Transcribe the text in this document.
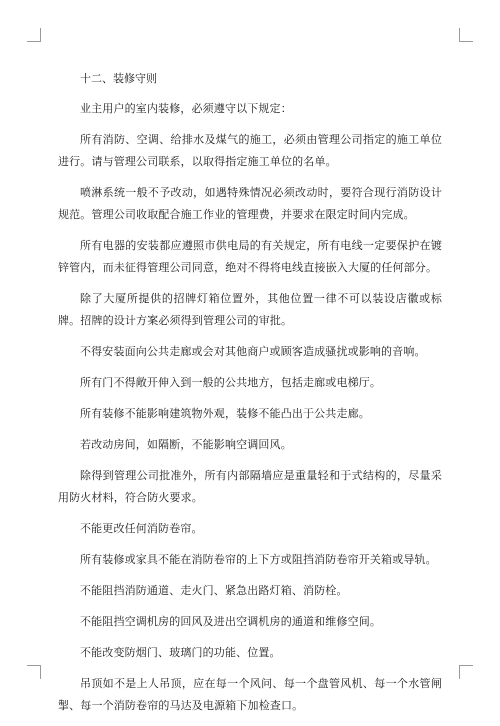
十二、装修守则

业主用户的室内装修，必须遵守以下规定：

所有消防、空调、给排水及煤气的施工，必须由管理公司指定的施工单位进行。请与管理公司联系，以取得指定施工单位的名单。

喷淋系统一般不予改动，如遇特殊情况必须改动时，要符合现行消防设计规范。管理公司收取配合施工作业的管理费，并要求在限定时间内完成。

所有电器的安装都应遵照市供电局的有关规定，所有电线一定要保护在镀锌管内，而未征得管理公司同意，绝对不得将电线直接嵌入大厦的任何部分。

除了大厦所提供的招牌灯箱位置外，其他位置一律不可以装设店徽或标牌。招牌的设计方案必须得到管理公司的审批。

不得安装面向公共走廊或会对其他商户或顾客造成骚扰或影响的音响。

所有门不得敞开伸入到一般的公共地方，包括走廊或电梯厅。

所有装修不能影响建筑物外观，装修不能凸出于公共走廊。

若改动房间，如隔断，不能影响空调回风。

除得到管理公司批准外，所有内部隔墙应是重量轻和于式结构的，尽量采用防火材料，符合防火要求。

不能更改任何消防卷帘。

所有装修或家具不能在消防卷帘的上下方或阻挡消防卷帘开关箱或导轨。

不能阻挡消防通道、走火门、紧急出路灯箱、消防栓。

不能阻挡空调机房的回风及进出空调机房的通道和维修空间。

不能改变防烟门、玻璃门的功能、位置。

吊顶如不是上人吊顶，应在每一个风问、每一个盘管风机、每一个水管闸掣、每一个消防卷帘的马达及电源箱下加检查口。
